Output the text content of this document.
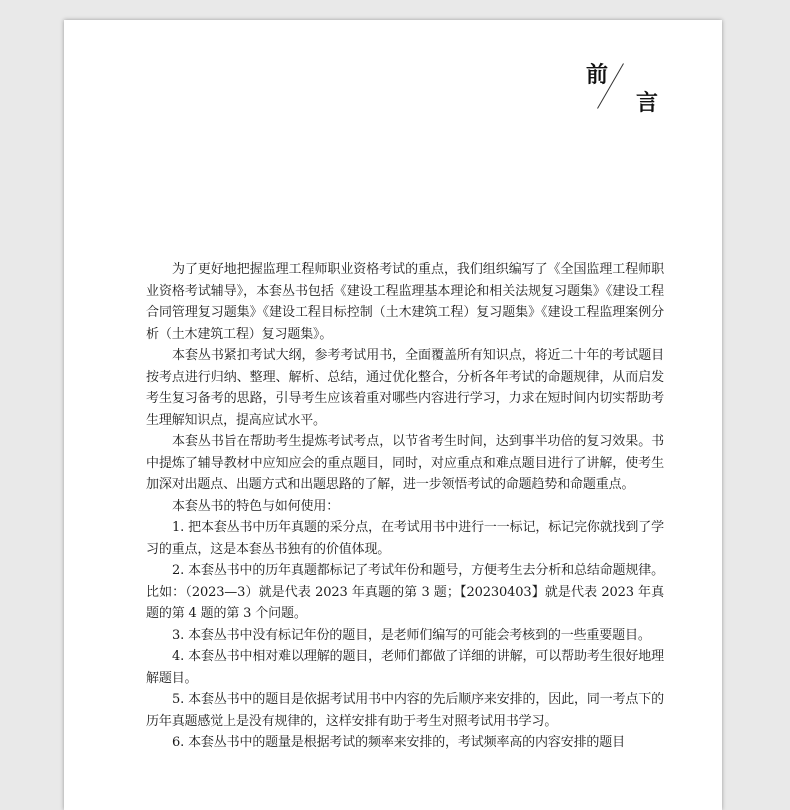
前
言

为了更好地把握监理工程师职业资格考试的重点，我们组织编写了《全国监理工程师职业资格考试辅导》，本套丛书包括《建设工程监理基本理论和相关法规复习题集》《建设工程合同管理复习题集》《建设工程目标控制（土木建筑工程）复习题集》《建设工程监理案例分析（土木建筑工程）复习题集》。

本套丛书紧扣考试大纲，参考考试用书，全面覆盖所有知识点，将近二十年的考试题目按考点进行归纳、整理、解析、总结，通过优化整合，分析各年考试的命题规律，从而启发考生复习备考的思路，引导考生应该着重对哪些内容进行学习，力求在短时间内切实帮助考生理解知识点，提高应试水平。

本套丛书旨在帮助考生提炼考试考点，以节省考生时间，达到事半功倍的复习效果。书中提炼了辅导教材中应知应会的重点题目，同时，对应重点和难点题目进行了讲解，使考生加深对出题点、出题方式和出题思路的了解，进一步领悟考试的命题趋势和命题重点。

本套丛书的特色与如何使用：

1. 把本套丛书中历年真题的采分点，在考试用书中进行一一标记，标记完你就找到了学习的重点，这是本套丛书独有的价值体现。

2. 本套丛书中的历年真题都标记了考试年份和题号，方便考生去分析和总结命题规律。比如：（2023—3）就是代表 2023 年真题的第 3 题；【20230403】就是代表 2023 年真题的第 4 题的第 3 个问题。

3. 本套丛书中没有标记年份的题目，是老师们编写的可能会考核到的一些重要题目。

4. 本套丛书中相对难以理解的题目，老师们都做了详细的讲解，可以帮助考生很好地理解题目。

5. 本套丛书中的题目是依据考试用书中内容的先后顺序来安排的，因此，同一考点下的历年真题感觉上是没有规律的，这样安排有助于考生对照考试用书学习。

6. 本套丛书中的题量是根据考试的频率来安排的，考试频率高的内容安排的题目
